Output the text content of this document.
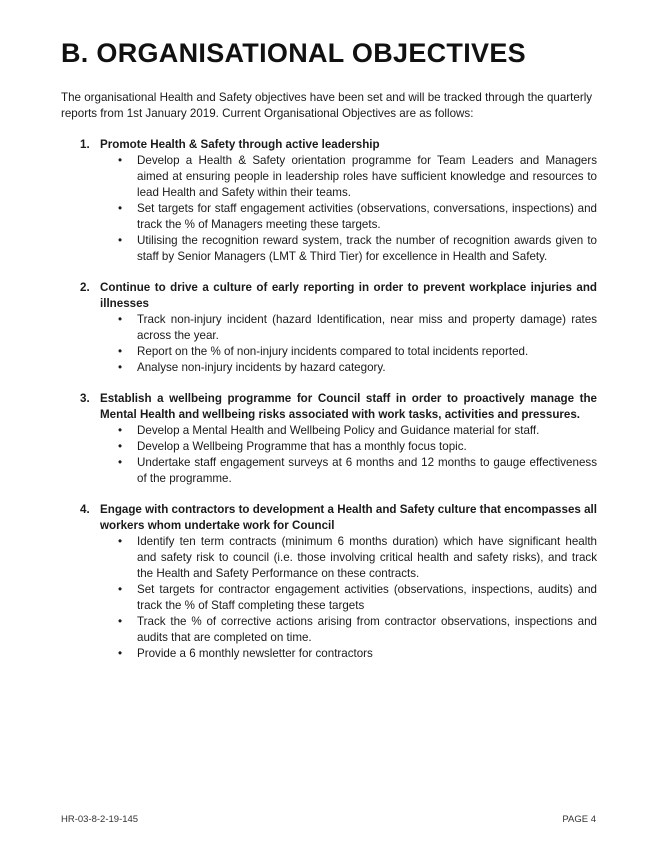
B. ORGANISATIONAL OBJECTIVES

The organisational Health and Safety objectives have been set and will be tracked through the quarterly reports from 1st January 2019. Current Organisational Objectives are as follows:

1. Promote Health & Safety through active leadership

• Develop a Health & Safety orientation programme for Team Leaders and Managers aimed at ensuring people in leadership roles have sufficient knowledge and resources to lead Health and Safety within their teams.
• Set targets for staff engagement activities (observations, conversations, inspections) and track the % of Managers meeting these targets.
• Utilising the recognition reward system, track the number of recognition awards given to staff by Senior Managers (LMT & Third Tier) for excellence in Health and Safety.
2. Continue to drive a culture of early reporting in order to prevent workplace injuries and illnesses

• Track non-injury incident (hazard Identification, near miss and property damage) rates across the year.
• Report on the % of non-injury incidents compared to total incidents reported.
• Analyse non-injury incidents by hazard category.
3. Establish a wellbeing programme for Council staff in order to proactively manage the Mental Health and wellbeing risks associated with work tasks, activities and pressures.

• Develop a Mental Health and Wellbeing Policy and Guidance material for staff.
• Develop a Wellbeing Programme that has a monthly focus topic.
• Undertake staff engagement surveys at 6 months and 12 months to gauge effectiveness of the programme.
4. Engage with contractors to development a Health and Safety culture that encompasses all workers whom undertake work for Council

• Identify ten term contracts (minimum 6 months duration) which have significant health and safety risk to council (i.e. those involving critical health and safety risks), and track the Health and Safety Performance on these contracts.
• Set targets for contractor engagement activities (observations, inspections, audits) and track the % of Staff completing these targets
• Track the % of corrective actions arising from contractor observations, inspections and audits that are completed on time.
• Provide a 6 monthly newsletter for contractors
HR-03-8-2-19-145	PAGE 4
